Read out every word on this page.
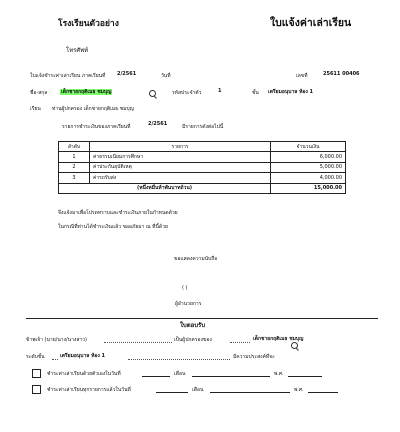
โรงเรียนตัวอย่าง	ใบแจ้งค่าเล่าเรียน
โทรศัพท์
ใบแจ้งชำระค่าเล่าเรียน ภาคเรียนที่ 2/2561	วันที่	เลขที่	25611 00406
ชื่อ-สกุล	เด็กชายกฤติเมธ ชมบุญ	รหัสประจำตัว	1	ชั้น เตรียมอนุบาล ห้อง 1
เรียน ท่านผู้ปกครอง เด็กชายกฤติเมธ ชมบุญ
รายการชำระเงินของภาคเรียนที่	2/2561	มีรายการดังต่อไปนี้
ลำดับ	รายการ	จำนวนเงิน
1	ค่าธรรมเนียมการศึกษา	6,000.00
2	ค่าประกันอุบัติเหตุ	5,000.00
3	ค่ารถรับส่ง	4,000.00
(หนึ่งหมื่นห้าพันบาทถ้วน)		15,000.00
จึงแจ้งมาเพื่อโปรดทราบและชำระเงินภายในกำหนดด้วย
ในกรณีที่ท่านได้ชำระเงินแล้ว ขออภัยมา ณ ที่นี้ด้วย
ขอแสดงความนับถือ
( )
ผู้อำนวยการ
ใบตอบรับ
ข้าพเจ้า (นาย/นาง/นางสาว)	เป็นผู้ปกครองของ	เด็กชายกฤติเมธ ชมบุญ
ระดับชั้น	เตรียมอนุบาล ห้อง 1	มีความประสงค์ที่จะ
ชำระค่าเล่าเรียนด้วยตัวเองในวันที่	เดือน	พ.ศ.
ชำระค่าเล่าเรียนทุกรายการแล้วในวันที่	เดือน	พ.ศ.
